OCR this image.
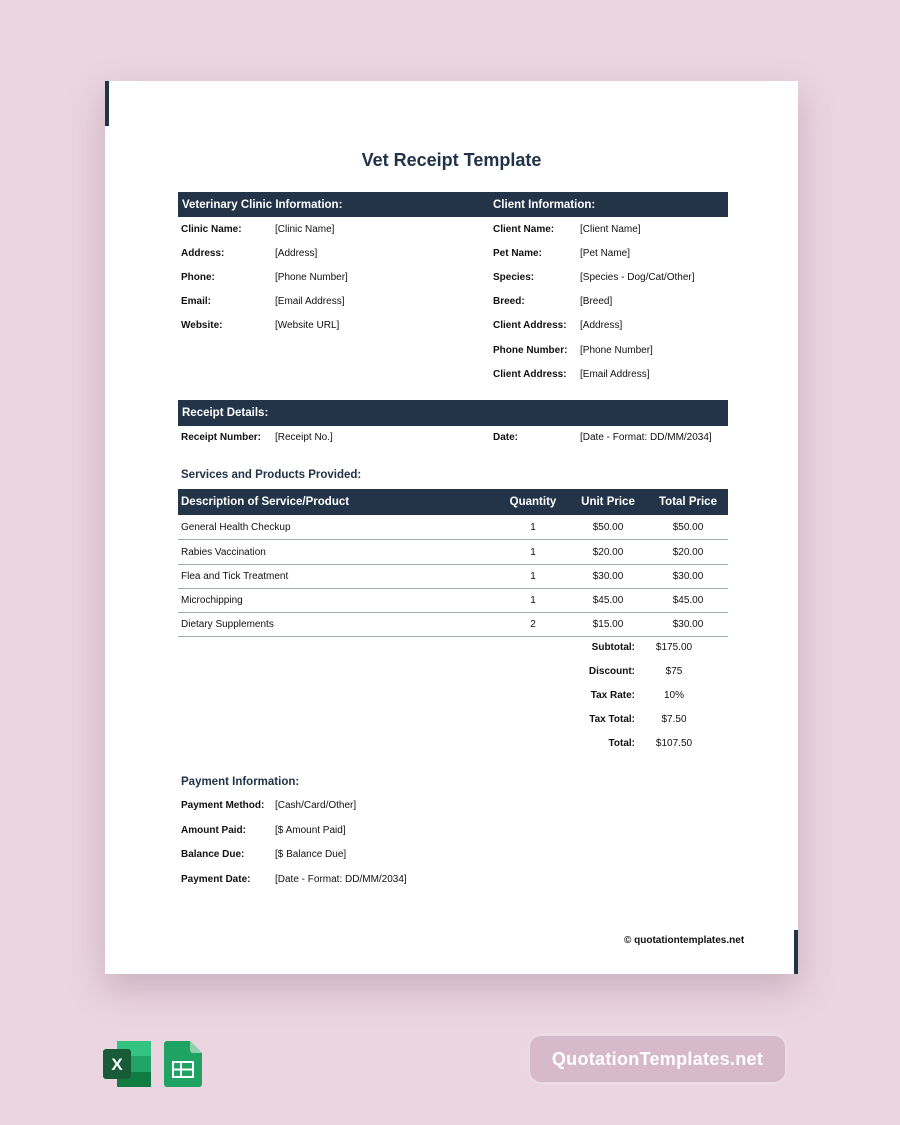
Vet Receipt Template
Veterinary Clinic Information:	Client Information:
Clinic Name:	[Clinic Name]
Address:	[Address]
Phone:	[Phone Number]
Email:	[Email Address]
Website:	[Website URL]
Client Name:	[Client Name]
Pet Name:	[Pet Name]
Species:	[Species - Dog/Cat/Other]
Breed:	[Breed]
Client Address: [Address]
Phone Number: [Phone Number]
Client Address: [Email Address]
Receipt Details:
Receipt Number: [Receipt No.]	Date:	[Date - Format: DD/MM/2034]
Services and Products Provided:
Description of Service/Product	Quantity	Unit Price	Total Price
General Health Checkup	1	$50.00	$50.00
Rabies Vaccination	1	$20.00	$20.00
Flea and Tick Treatment	1	$30.00	$30.00
Microchipping	1	$45.00	$45.00
Dietary Supplements	2	$15.00	$30.00
Subtotal:	$175.00
Discount:	$75
Tax Rate:	10%
Tax Total:	$7.50
Total:	$107.50
Payment Information:
Payment Method: [Cash/Card/Other]
Amount Paid:	[$ Amount Paid]
Balance Due:	[$ Balance Due]
Payment Date: [Date - Format: DD/MM/2034]
© quotationtemplates.net
X	QuotationTemplates.net
